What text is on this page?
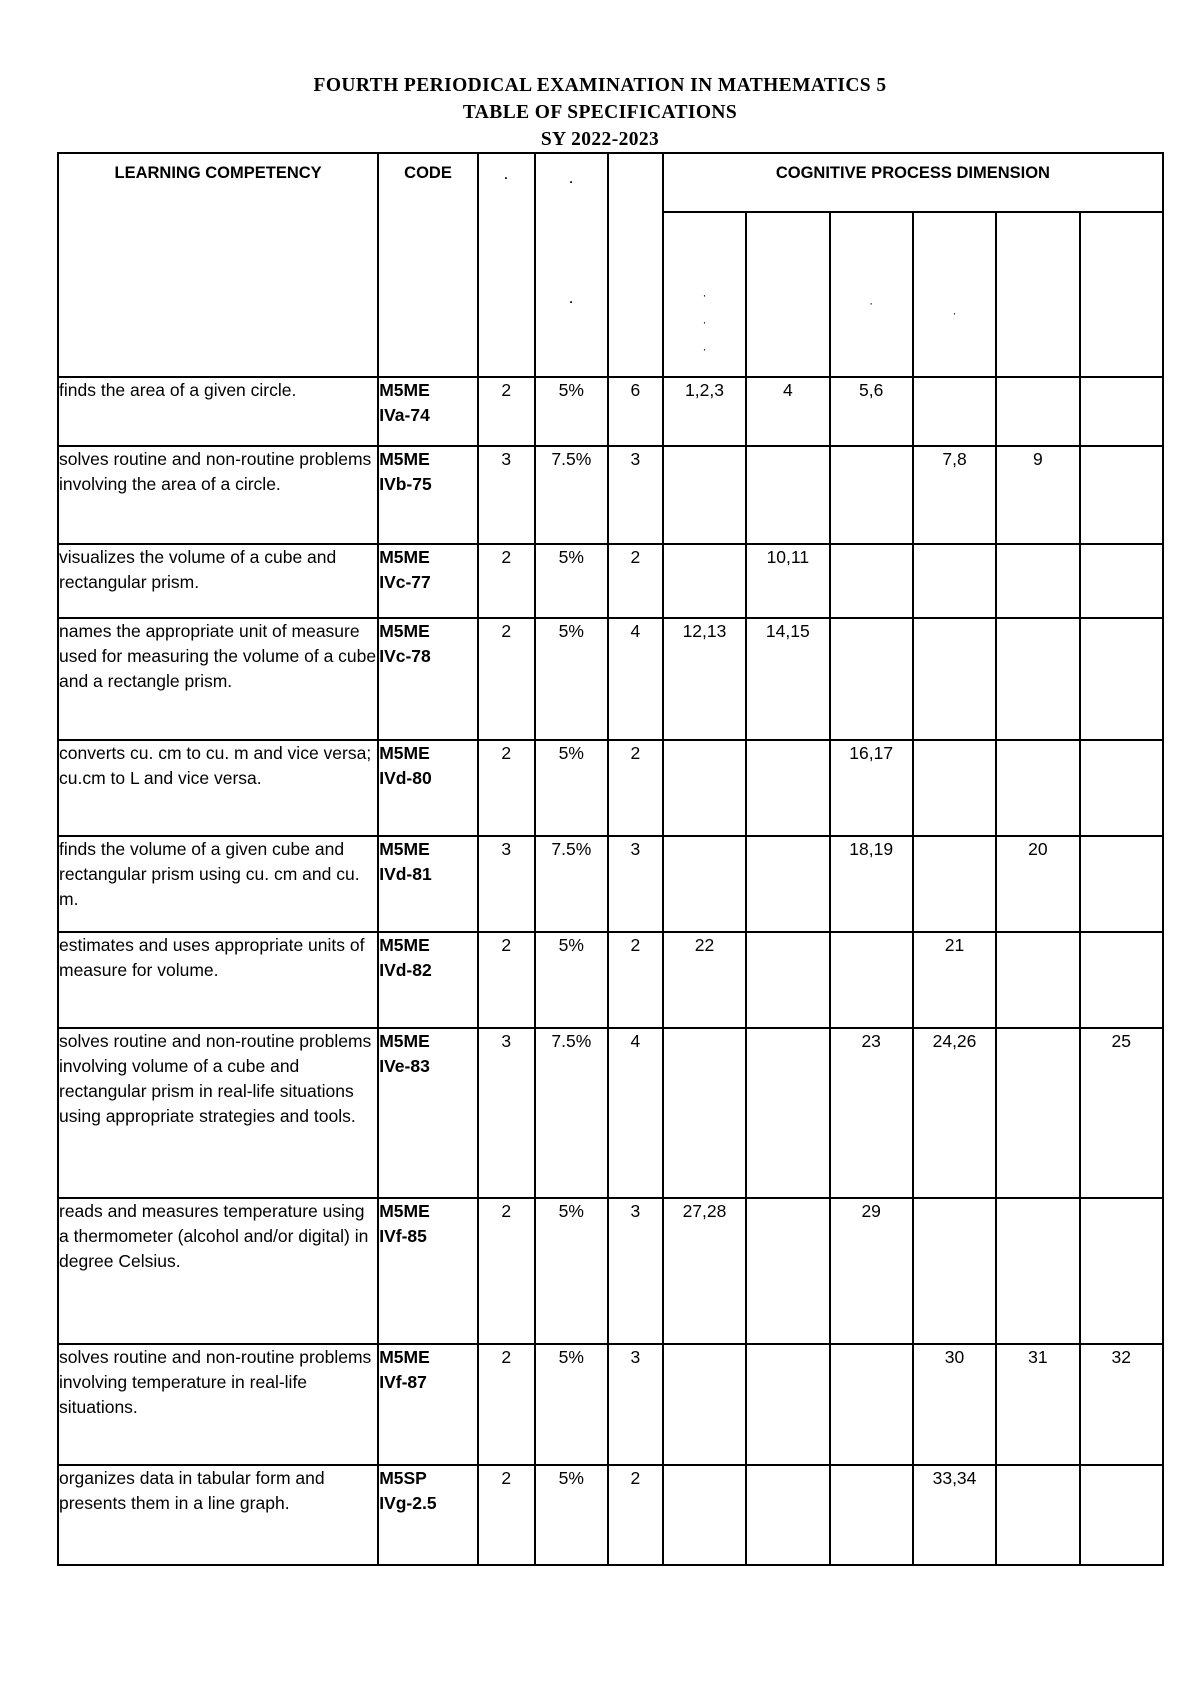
FOURTH PERIODICAL EXAMINATION IN MATHEMATICS 5
TABLE OF SPECIFICATIONS
SY 2022-2023
LEARNING COMPETENCY	CODE	·	·
·		COGNITIVE PROCESS DIMENSION					

					·
·
·		·	·		

finds the area of a given circle.	M5ME
IVa-74	2	5%	6	1,2,3	4	5,6			
solves routine and non-routine problems involving the area of a circle.	M5ME
IVb-75	3	7.5%	3				7,8	9	
visualizes the volume of a cube and rectangular prism.	M5ME
IVc-77	2	5%	2		10,11				
names the appropriate unit of measure used for measuring the volume of a cube and a rectangle prism.	M5ME
IVc-78	2	5%	4	12,13	14,15				
converts cu. cm to cu. m and vice versa; cu.cm to L and vice versa.	M5ME
IVd-80	2	5%	2			16,17			
finds the volume of a given cube and rectangular prism using cu. cm and cu. m.	M5ME
IVd-81	3	7.5%	3			18,19		20	
estimates and uses appropriate units of measure for volume.	M5ME
IVd-82	2	5%	2	22			21		
solves routine and non-routine problems involving volume of a cube and rectangular prism in real-life situations using appropriate strategies and tools.	M5ME
IVe-83	3	7.5%	4			23	24,26		25
reads and measures temperature using a thermometer (alcohol and/or digital) in degree Celsius.	M5ME
IVf-85	2	5%	3	27,28		29			
solves routine and non-routine problems involving temperature in real-life situations.	M5ME
IVf-87	2	5%	3				30	31	32
organizes data in tabular form and presents them in a line graph.	M5SP
IVg-2.5	2	5%	2				33,34		
